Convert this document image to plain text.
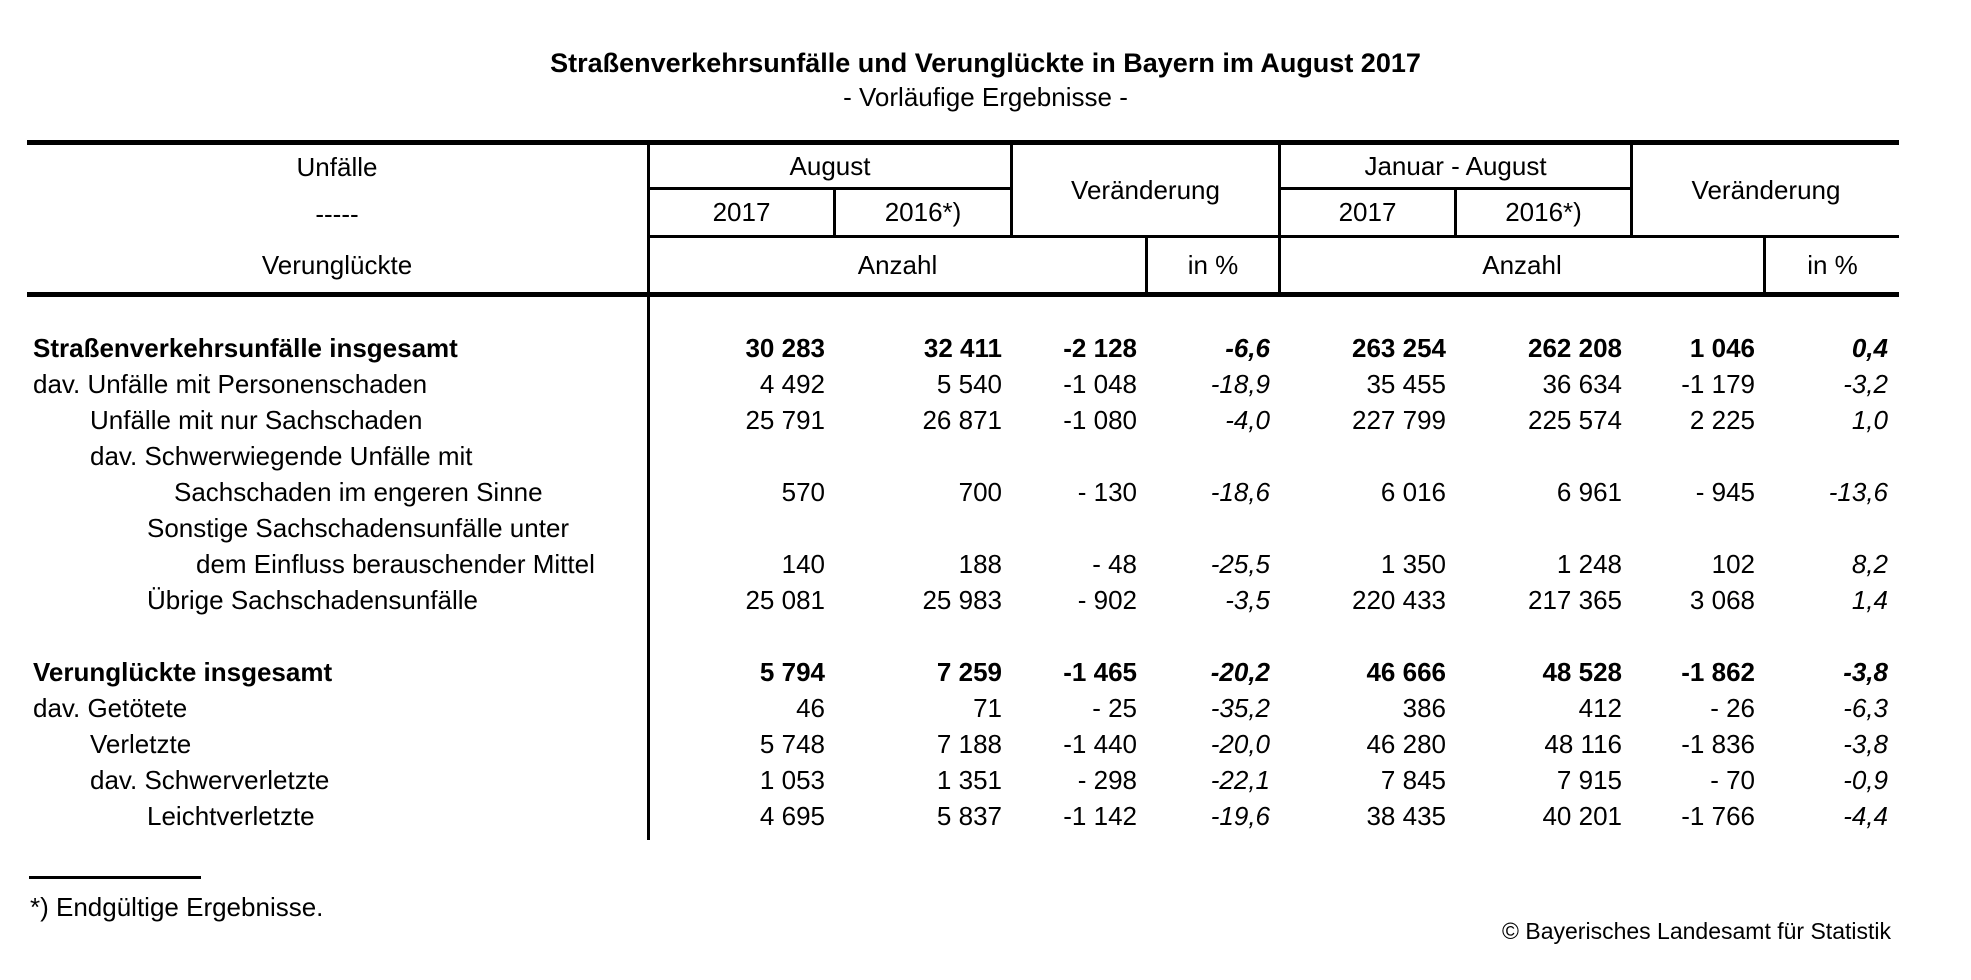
Straßenverkehrsunfälle und Verunglückte in Bayern im August 2017
- Vorläufige Ergebnisse -
Unfälle
-----
Verunglückte
August
Veränderung
Januar - August
Veränderung
2017	2016*)	2017	2016*)
Anzahl	in %	Anzahl	in %
Straßenverkehrsunfälle insgesamt	30 283	32 411	-2 128	-6,6	263 254	262 208	1 046	0,4
dav. Unfälle mit Personenschaden	4 492	5 540	-1 048	-18,9	35 455	36 634	-1 179	-3,2
Unfälle mit nur Sachschaden	25 791	26 871	-1 080	-4,0	227 799	225 574	2 225	1,0
dav. Schwerwiegende Unfälle mit
Sachschaden im engeren Sinne	570	700	- 130	-18,6	6 016	6 961	- 945	-13,6
Sonstige Sachschadensunfälle unter
dem Einfluss berauschender Mittel	140	188	- 48	-25,5	1 350	1 248	102	8,2
Übrige Sachschadensunfälle	25 081	25 983	- 902	-3,5	220 433	217 365	3 068	1,4
Verunglückte insgesamt	5 794	7 259	-1 465	-20,2	46 666	48 528	-1 862	-3,8
dav. Getötete	46	71	- 25	-35,2	386	412	- 26	-6,3
Verletzte	5 748	7 188	-1 440	-20,0	46 280	48 116	-1 836	-3,8
dav. Schwerverletzte	1 053	1 351	- 298	-22,1	7 845	7 915	- 70	-0,9
Leichtverletzte	4 695	5 837	-1 142	-19,6	38 435	40 201	-1 766	-4,4
*) Endgültige Ergebnisse.
© Bayerisches Landesamt für Statistik
